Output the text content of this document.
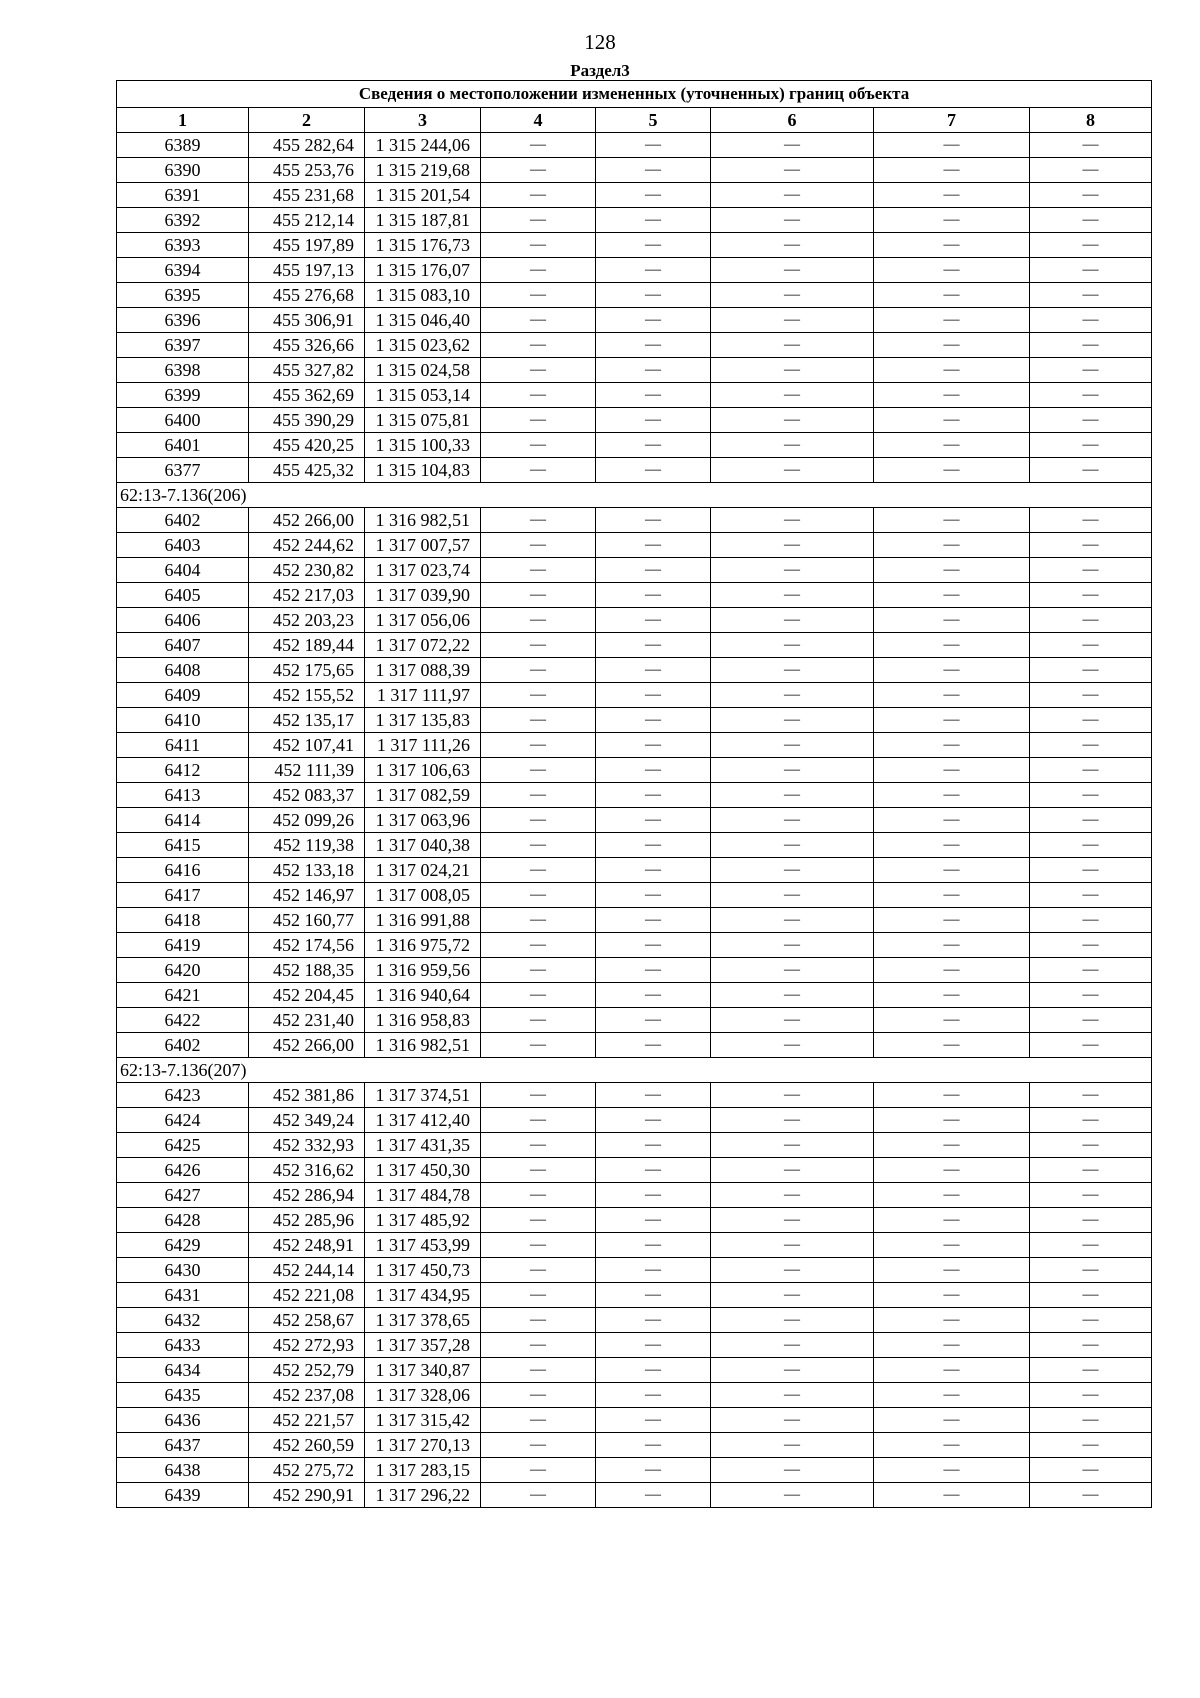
128
Раздел3
Сведения о местоположении измененных (уточненных) границ объекта							
1	2	3	4	5	6	7	8
6389	455 282,64	1 315 244,06	—	—	—	—	—
6390	455 253,76	1 315 219,68	—	—	—	—	—
6391	455 231,68	1 315 201,54	—	—	—	—	—
6392	455 212,14	1 315 187,81	—	—	—	—	—
6393	455 197,89	1 315 176,73	—	—	—	—	—
6394	455 197,13	1 315 176,07	—	—	—	—	—
6395	455 276,68	1 315 083,10	—	—	—	—	—
6396	455 306,91	1 315 046,40	—	—	—	—	—
6397	455 326,66	1 315 023,62	—	—	—	—	—
6398	455 327,82	1 315 024,58	—	—	—	—	—
6399	455 362,69	1 315 053,14	—	—	—	—	—
6400	455 390,29	1 315 075,81	—	—	—	—	—
6401	455 420,25	1 315 100,33	—	—	—	—	—
6377	455 425,32	1 315 104,83	—	—	—	—	—
62:13-7.136(206)							
6402	452 266,00	1 316 982,51	—	—	—	—	—
6403	452 244,62	1 317 007,57	—	—	—	—	—
6404	452 230,82	1 317 023,74	—	—	—	—	—
6405	452 217,03	1 317 039,90	—	—	—	—	—
6406	452 203,23	1 317 056,06	—	—	—	—	—
6407	452 189,44	1 317 072,22	—	—	—	—	—
6408	452 175,65	1 317 088,39	—	—	—	—	—
6409	452 155,52	1 317 111,97	—	—	—	—	—
6410	452 135,17	1 317 135,83	—	—	—	—	—
6411	452 107,41	1 317 111,26	—	—	—	—	—
6412	452 111,39	1 317 106,63	—	—	—	—	—
6413	452 083,37	1 317 082,59	—	—	—	—	—
6414	452 099,26	1 317 063,96	—	—	—	—	—
6415	452 119,38	1 317 040,38	—	—	—	—	—
6416	452 133,18	1 317 024,21	—	—	—	—	—
6417	452 146,97	1 317 008,05	—	—	—	—	—
6418	452 160,77	1 316 991,88	—	—	—	—	—
6419	452 174,56	1 316 975,72	—	—	—	—	—
6420	452 188,35	1 316 959,56	—	—	—	—	—
6421	452 204,45	1 316 940,64	—	—	—	—	—
6422	452 231,40	1 316 958,83	—	—	—	—	—
6402	452 266,00	1 316 982,51	—	—	—	—	—
62:13-7.136(207)							
6423	452 381,86	1 317 374,51	—	—	—	—	—
6424	452 349,24	1 317 412,40	—	—	—	—	—
6425	452 332,93	1 317 431,35	—	—	—	—	—
6426	452 316,62	1 317 450,30	—	—	—	—	—
6427	452 286,94	1 317 484,78	—	—	—	—	—
6428	452 285,96	1 317 485,92	—	—	—	—	—
6429	452 248,91	1 317 453,99	—	—	—	—	—
6430	452 244,14	1 317 450,73	—	—	—	—	—
6431	452 221,08	1 317 434,95	—	—	—	—	—
6432	452 258,67	1 317 378,65	—	—	—	—	—
6433	452 272,93	1 317 357,28	—	—	—	—	—
6434	452 252,79	1 317 340,87	—	—	—	—	—
6435	452 237,08	1 317 328,06	—	—	—	—	—
6436	452 221,57	1 317 315,42	—	—	—	—	—
6437	452 260,59	1 317 270,13	—	—	—	—	—
6438	452 275,72	1 317 283,15	—	—	—	—	—
6439	452 290,91	1 317 296,22	—	—	—	—	—
